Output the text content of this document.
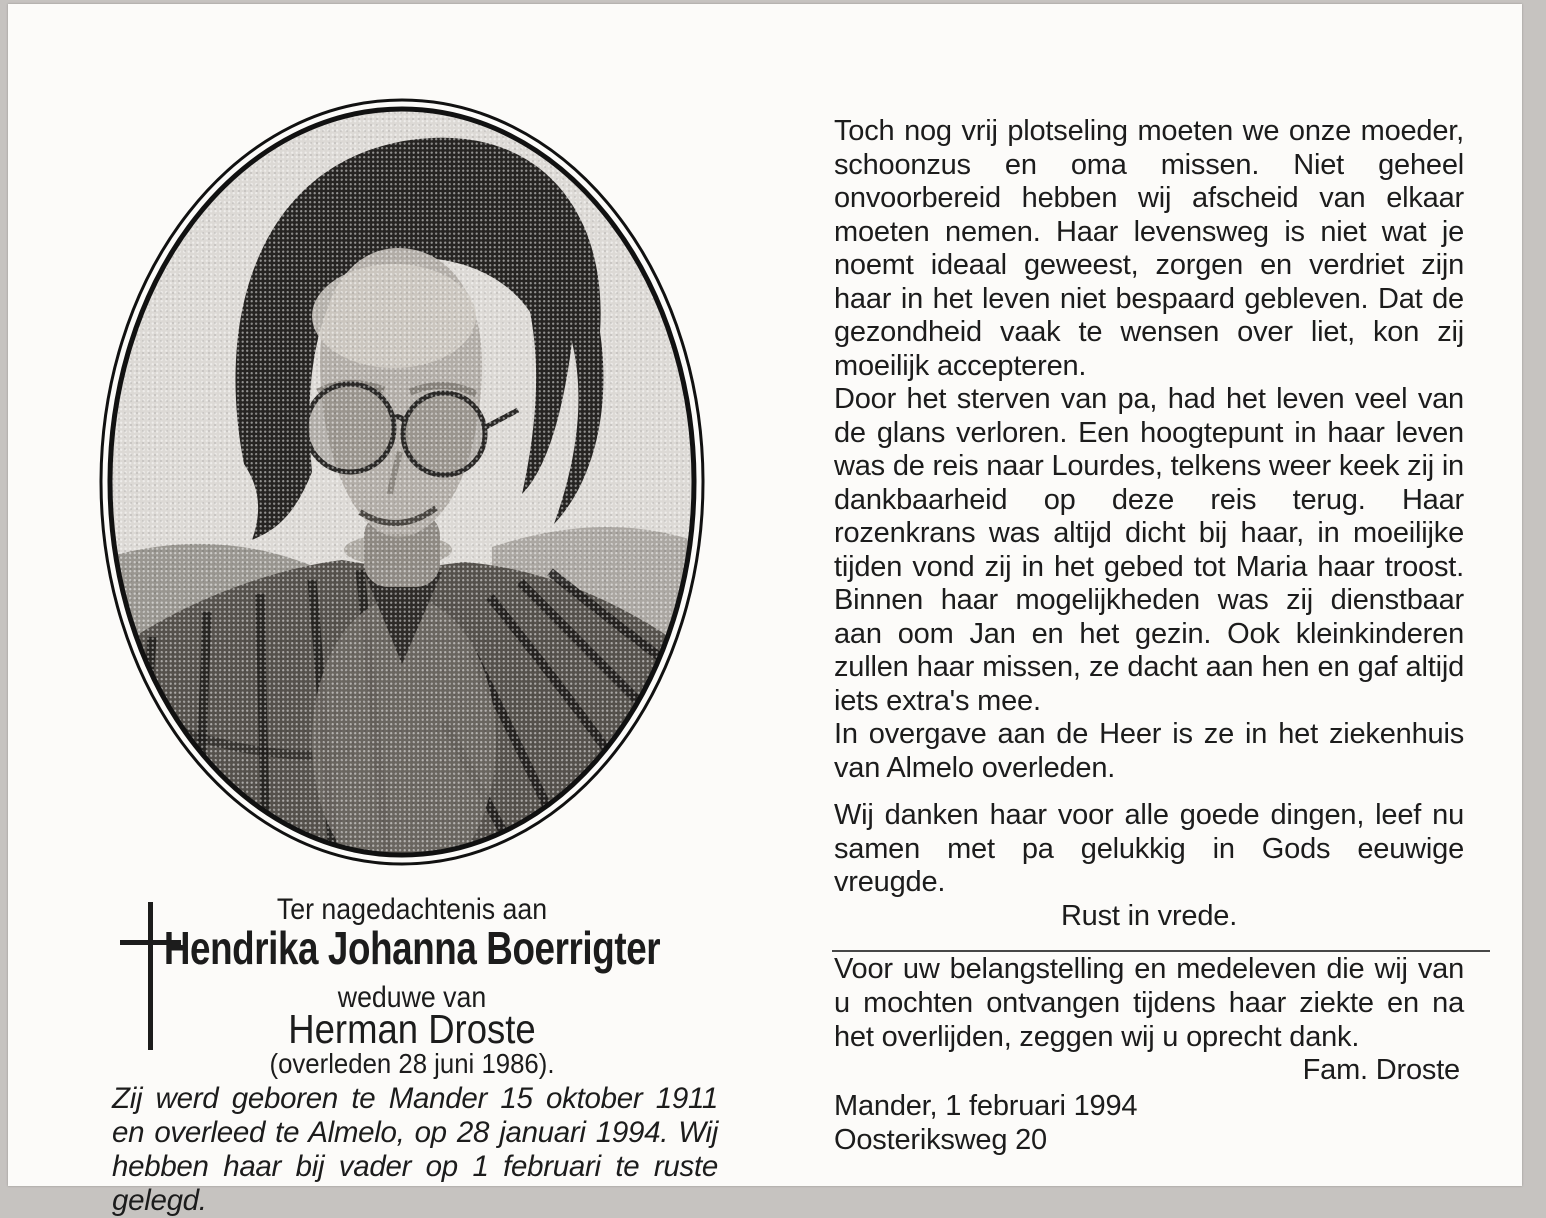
Ter nagedachtenis aan
Hendrika Johanna Boerrigter
weduwe van
Herman Droste
(overleden 28 juni 1986).
Zij werd geboren te Mander 15 oktober 1911 en overleed te Almelo, op 28 januari 1994. Wij hebben haar bij vader op 1 februari te ruste gelegd.

Toch nog vrij plotseling moeten we onze moeder, schoonzus en oma missen. Niet geheel onvoorbereid hebben wij afscheid van elkaar moeten nemen. Haar levensweg is niet wat je noemt ideaal geweest, zorgen en verdriet zijn haar in het leven niet bespaard gebleven. Dat de gezondheid vaak te wensen over liet, kon zij moeilijk accepteren.

Door het sterven van pa, had het leven veel van de glans verloren. Een hoogtepunt in haar leven was de reis naar Lourdes, telkens weer keek zij in dankbaarheid op deze reis terug. Haar rozenkrans was altijd dicht bij haar, in moeilijke tijden vond zij in het gebed tot Maria haar troost. Binnen haar mogelijkheden was zij dienstbaar aan oom Jan en het gezin. Ook kleinkinderen zullen haar missen, ze dacht aan hen en gaf altijd iets extra's mee.

In overgave aan de Heer is ze in het ziekenhuis van Almelo overleden.

Wij danken haar voor alle goede dingen, leef nu samen met pa gelukkig in Gods eeuwige vreugde.

Rust in vrede.

Voor uw belangstelling en medeleven die wij van u mochten ontvangen tijdens haar ziekte en na het overlijden, zeggen wij u oprecht dank.

Fam. Droste

Mander, 1 februari 1994

Oosteriksweg 20
